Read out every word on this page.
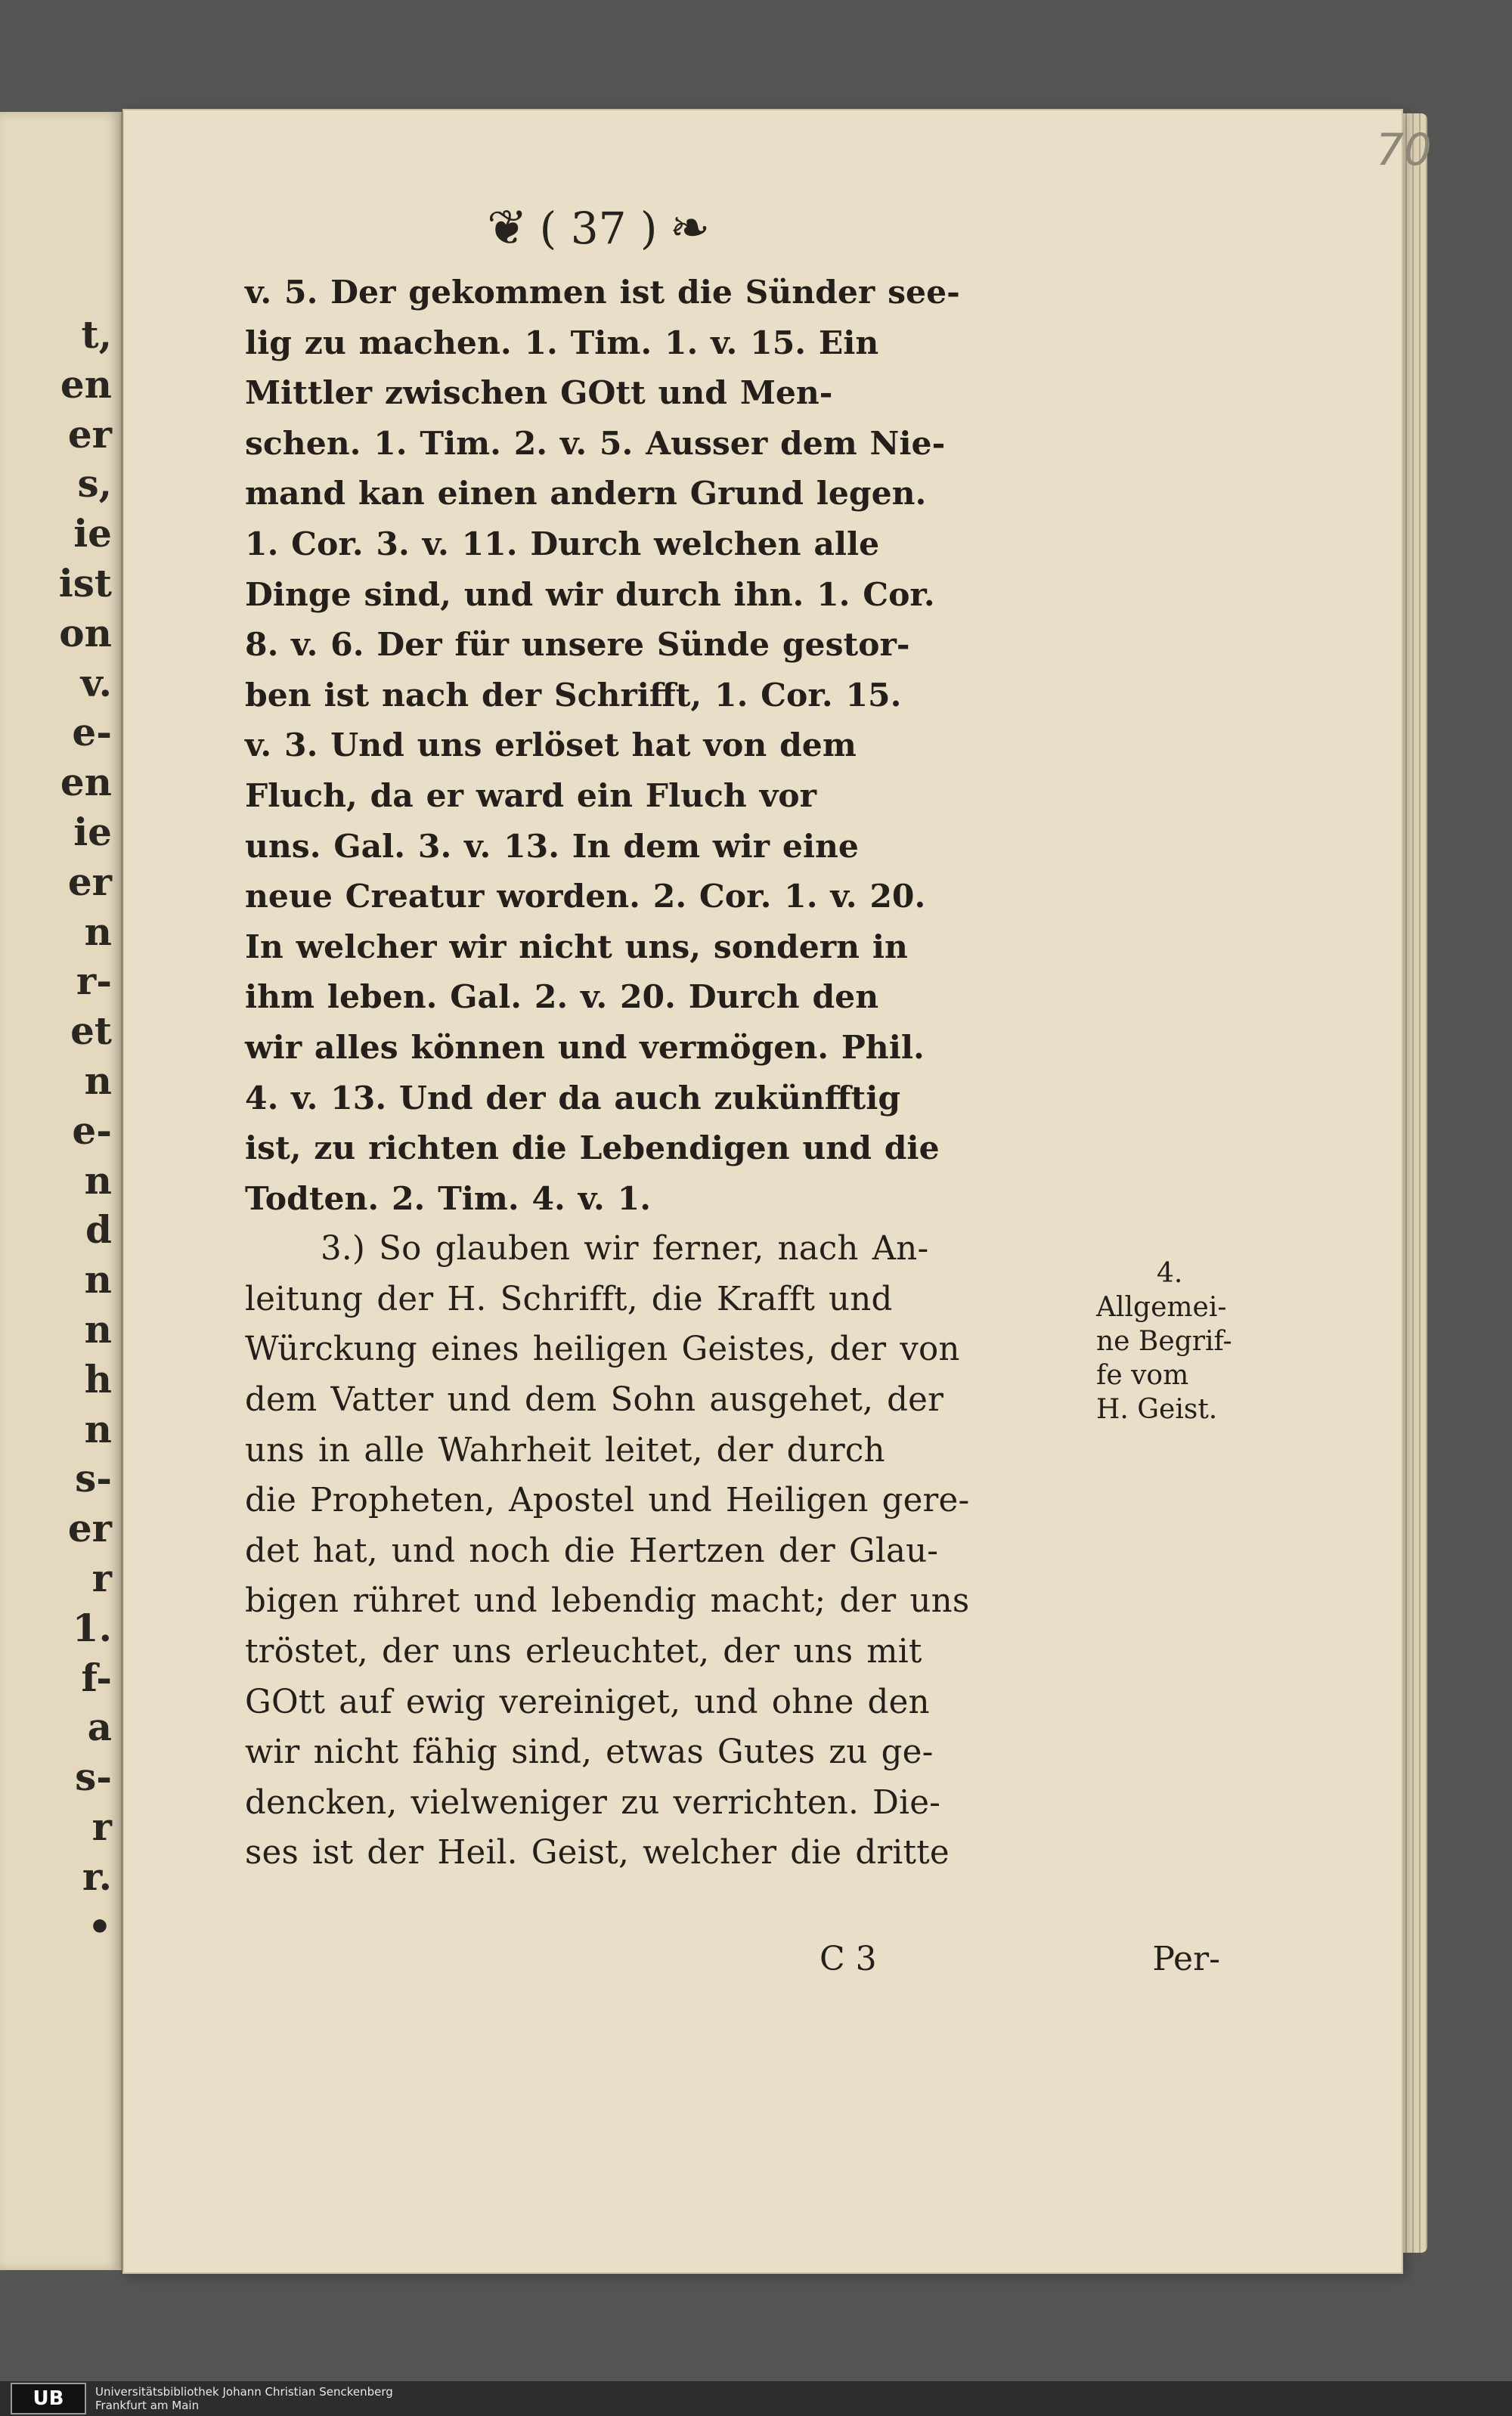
t,
en
er
s,
ie
ist
on
v.
e-
en
ie
er
n
r-
et
n
e-
n
d
n
n
h
n
s-
er
r
1.
f-
a
s-
r
r.
•
70
❦ ( 37 ) ❧
v. 5. Der gekommen ist die Sünder see-
lig zu machen. 1. Tim. 1. v. 15. Ein
Mittler zwischen GOtt und Men-
schen. 1. Tim. 2. v. 5. Ausser dem Nie-
mand kan einen andern Grund legen.
1. Cor. 3. v. 11. Durch welchen alle
Dinge sind, und wir durch ihn. 1. Cor.
8. v. 6. Der für unsere Sünde gestor-
ben ist nach der Schrifft, 1. Cor. 15.
v. 3. Und uns erlöset hat von dem
Fluch, da er ward ein Fluch vor
uns. Gal. 3. v. 13. In dem wir eine
neue Creatur worden. 2. Cor. 1. v. 20.
In welcher wir nicht uns, sondern in
ihm leben. Gal. 2. v. 20. Durch den
wir alles können und vermögen. Phil.
4. v. 13. Und der da auch zukünfftig
ist, zu richten die Lebendigen und die
Todten. 2. Tim. 4. v. 1.
3.) So glauben wir ferner, nach An-
leitung der H. Schrifft, die Krafft und
Würckung eines heiligen Geistes, der von
dem Vatter und dem Sohn ausgehet, der
uns in alle Wahrheit leitet, der durch
die Propheten, Apostel und Heiligen gere-
det hat, und noch die Hertzen der Glau-
bigen rühret und lebendig macht; der uns
tröstet, der uns erleuchtet, der uns mit
GOtt auf ewig vereiniget, und ohne den
wir nicht fähig sind, etwas Gutes zu ge-
dencken, vielweniger zu verrichten. Die-
ses ist der Heil. Geist, welcher die dritte
C 3	Per-
4.
Allgemei-
ne Begrif-
fe vom
H. Geist.
UB	Universitätsbibliothek Johann Christian Senckenberg
Frankfurt am Main
